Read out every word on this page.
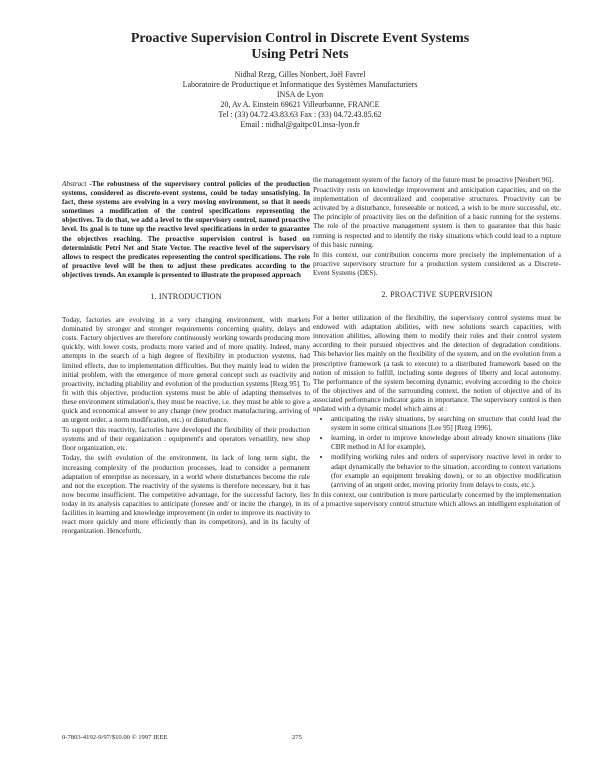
Proactive Supervision Control in Discrete Event Systems
Using Petri Nets
Nidhal Rezg, Gilles Nonbert, Joël Favrel
Laboratoire de Productique et Informatique des Systèmes Manufacturiers
INSA de Lyon
20, Av A. Einstein 69621 Villeurbanne, FRANCE
Tel : (33) 04.72.43.83.63 Fax : (33) 04.72.43.85.62
Email : nidhal@gaitpc01.insa-lyon.fr

Abstract -The robustness of the supervisory control policies of the production systems, considered as discrete-event systems, could be today unsatisfying. In fact, these systems are evolving in a very moving environment, so that it needs sometimes a modification of the control specifications representing the objectives. To do that, we add a level to the supervisory control, named proactive level. Its goal is to tune up the reactive level specifications in order to guarantee the objectives reaching. The proactive supervision control is based on deterministic Petri Net and State Vector. The reactive level of the supervisory allows to respect the predicates representing the control specifications. The role of proactive level will be then to adjust these predicates according to the objectives trends. An example is presented to illustrate the proposed approach

1. INTRODUCTION

Today, factories are evolving in a very changing environment, with markets dominated by stronger and stronger requirements concerning quality, delays and costs. Factory objectives are therefore continuously working towards producing more quickly, with lower costs, products more varied and of more quality. Indeed, many attempts in the search of a high degree of flexibility in production systems, had limited effects, due to implementation difficulties. But they mainly lead to widen the initial problem, with the emergence of more general concept such as reactivity and proactivity, including pliability and evolution of the production systems [Rezg 95]. To fit with this objective, production systems must be able of adapting themselves to these environment stimulation's, they must be reactive, i.e. they must be able to give a quick and economical answer to any change (new product manufacturing, arriving of an urgent order, a norm modification, etc.) or disturbance.

To support this reactivity, factories have developed the flexibility of their production systems and of their organization : equipment's and operators versatility, new shop floor organization, etc.

Today, the swift evolution of the environment, its lack of long term sight, the increasing complexity of the production processes, lead to consider a permanent adaptation of enterprise as necessary, in a world where disturbances become the rule and not the exception. The reactivity of the systems is therefore necessary, but it has now become insufficient. The competitive advantage, for the successful factory, lies today in its analysis capacities to anticipate (foresee and/ or incite the change), in its facilities in learning and knowledge improvement (in order to improve its reactivity to react more quickly and more efficiently than its competitors), and in its faculty of reorganization. Henceforth,

the management system of the factory of the future must be proactive [Neubert 96].

Proactivity rests on knowledge improvement and anticipation capacities, and on the implementation of decentralized and cooperative structures. Proactivity can be activated by a disturbance, foreseeable or noticed, a wish to be more successful, etc. The principle of proactivity lies on the definition of a basic running for the systems. The role of the proactive management system is then to guarantee that this basic running is respected and to identify the risky situations which could lead to a rupture of this basic running.

In this context, our contribution concerns more precisely the implementation of a proactive supervisory structure for a production system considered as a Discrete-Event Systems (DES).

2. PROACTIVE SUPERVISION

For a better utilization of the flexibility, the supervisory control systems must be endowed with adaptation abilities, with new solutions search capacities, with innovation abilities, allowing them to modify their rules and their control system according to their pursued objectives and the detection of degradation conditions. This behavior lies mainly on the flexibility of the system, and on the evolution from a prescriptive framework (a task to execute) to a distributed framework based on the notion of mission to fulfill, including some degrees of liberty and local autonomy. The performance of the system becoming dynamic, evolving according to the choice of the objectives and of the surrounding context, the notion of objective and of its associated performance indicator gains in importance. The supervisory control is then updated with a dynamic model which aims at :

• anticipating the risky situations, by searching on structure that could lead the system in some critical situations [Lee 95] [Rezg 1996],
• learning, in order to improve knowledge about already known situations (like CBR method in AI for example),
• modifying working rules and orders of supervisory reactive level in order to adapt dynamically the behavior to the situation, according to context variations (for example an equipment breaking down), or to an objective modification (arriving of an urgent order, moving priority from delays to costs, etc.).

In this context, our contribution is more particularly concerned by the implementation of a proactive supervisory control structure which allows an intelligent exploitation of

0-7803-4192-9/97/$10.00 © 1997 IEEE	275
